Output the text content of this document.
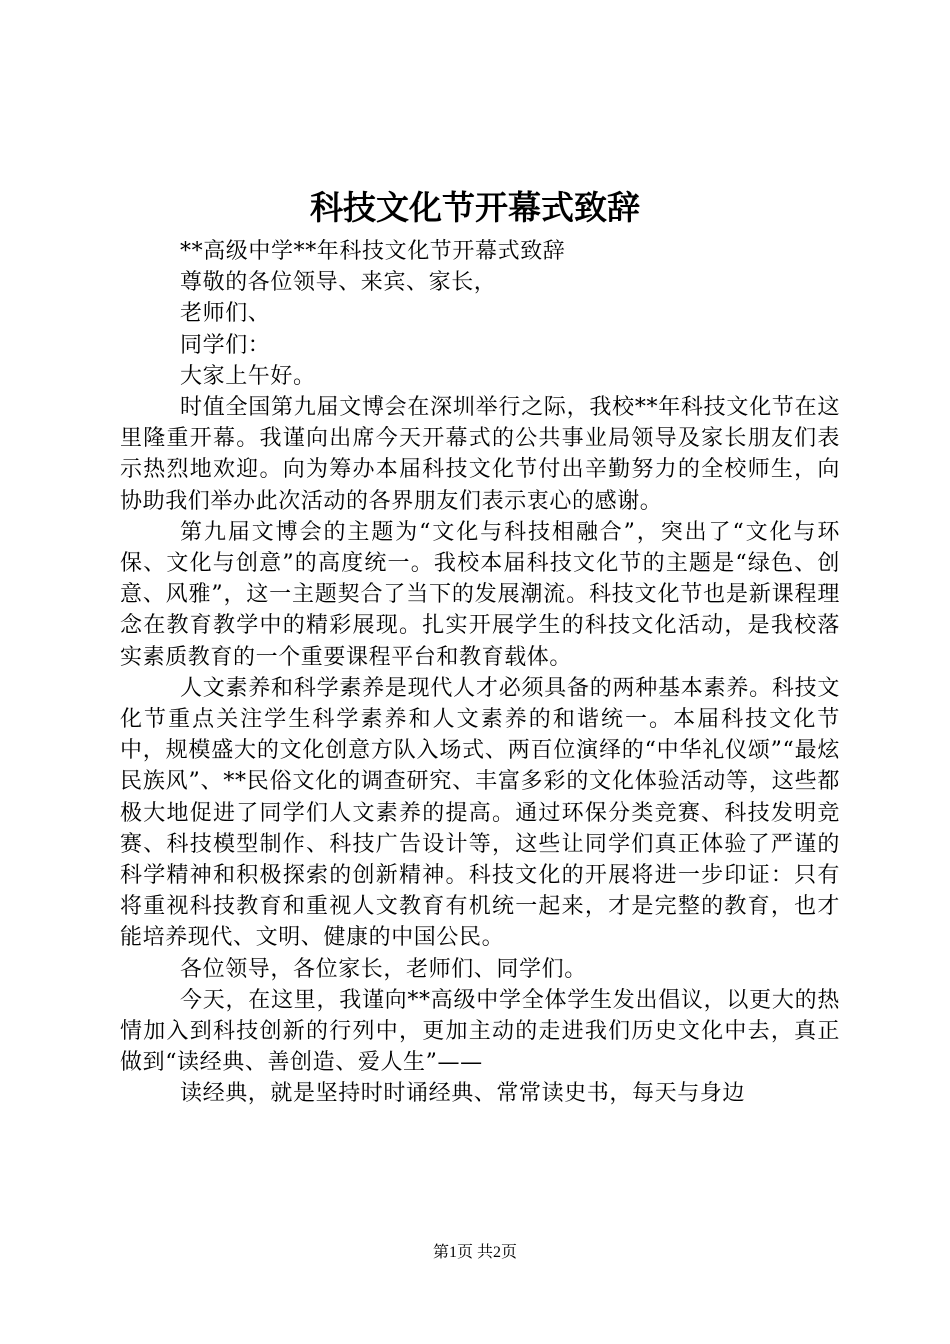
科技文化节开幕式致辞

**高级中学**年科技文化节开幕式致辞

尊敬的各位领导、来宾、家长，

老师们、

同学们：

大家上午好。

时值全国第九届文博会在深圳举行之际，我校**年科技文化节在这里隆重开幕。我谨向出席今天开幕式的公共事业局领导及家长朋友们表示热烈地欢迎。向为筹办本届科技文化节付出辛勤努力的全校师生，向协助我们举办此次活动的各界朋友们表示衷心的感谢。

第九届文博会的主题为“文化与科技相融合”，突出了“文化与环保、文化与创意”的高度统一。我校本届科技文化节的主题是“绿色、创意、风雅”，这一主题契合了当下的发展潮流。科技文化节也是新课程理念在教育教学中的精彩展现。扎实开展学生的科技文化活动，是我校落实素质教育的一个重要课程平台和教育载体。

人文素养和科学素养是现代人才必须具备的两种基本素养。科技文化节重点关注学生科学素养和人文素养的和谐统一。本届科技文化节中，规模盛大的文化创意方队入场式、两百位演绎的“中华礼仪颂”“最炫民族风”、**民俗文化的调查研究、丰富多彩的文化体验活动等，这些都极大地促进了同学们人文素养的提高。通过环保分类竞赛、科技发明竞赛、科技模型制作、科技广告设计等，这些让同学们真正体验了严谨的科学精神和积极探索的创新精神。科技文化的开展将进一步印证：只有将重视科技教育和重视人文教育有机统一起来，才是完整的教育，也才能培养现代、文明、健康的中国公民。

各位领导，各位家长，老师们、同学们。

今天，在这里，我谨向**高级中学全体学生发出倡议，以更大的热情加入到科技创新的行列中，更加主动的走进我们历史文化中去，真正做到“读经典、善创造、爱人生”——

读经典，就是坚持时时诵经典、常常读史书，每天与身边

第1页 共2页
